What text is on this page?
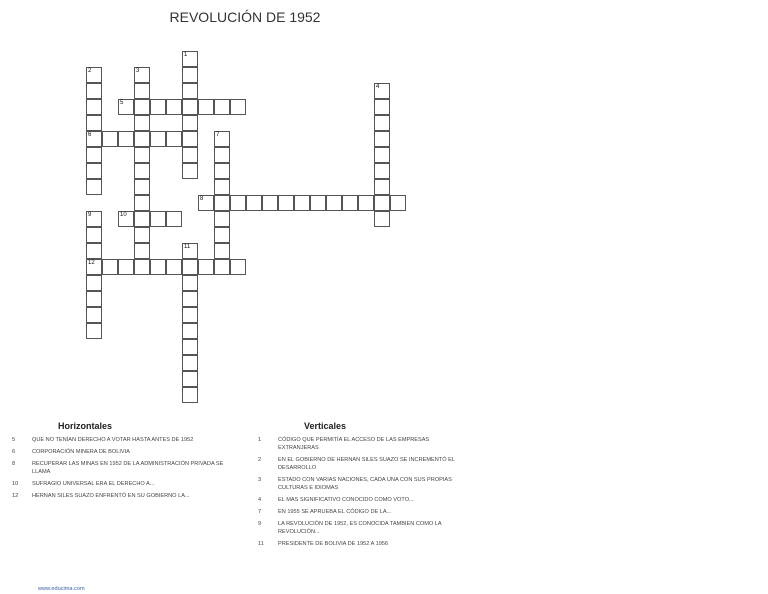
REVOLUCIÓN DE 1952
1
2
6
3
4
5
7
8
9
12
10
11
Horizontales	Verticales
5	QUE NO TENÍAN DERECHO A VOTAR HASTA ANTES DE 1952
6	CORPORACIÓN MINERA DE BOLIVIA
8	RECUPERAR LAS MINAS EN 1952 DE LA ADMINISTRACIÓN PRIVADA SE LLAMA
10	SUFRAGIO UNIVERSAL ERA EL DERECHO A...
12	HERNAN SILES SUAZO ENFRENTÓ EN SU GOBIERNO LA...
1	CÓDIGO QUE PERMITÍA EL ACCESO DE LAS EMPRESAS EXTRANJERAS
2	EN EL GOBIERNO DE HERNAN SILES SUAZO SE INCREMENTÓ EL DESARROLLO
3	ESTADO CON VARIAS NACIONES, CADA UNA CON SUS PROPIAS CULTURAS E IDIOMAS
4	EL MAS SIGNIFICATIVO CONOCIDO COMO VOTO...
7	EN 1955 SE APRUEBA EL CÓDIGO DE LA...
9	LA REVOLUCIÓN DE 1952, ES CONOCIDA TAMBIEN COMO LA REVOLUCIÓN...
11	PRESIDENTE DE BOLIVIA DE 1952 A 1956
www.educima.com
